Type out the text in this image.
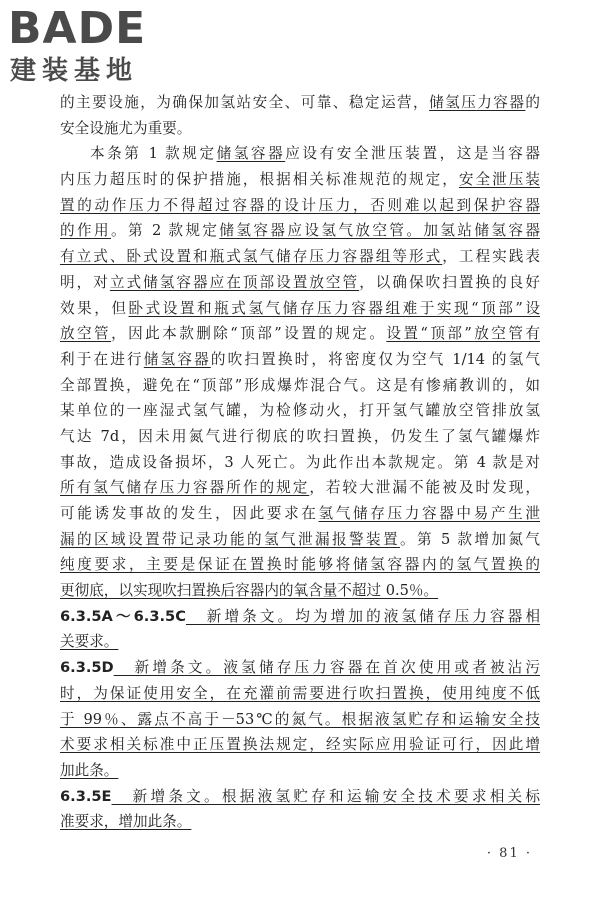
BADE
建装基地
的主要设施，为确保加氢站安全、可靠、稳定运营，储氢压力容器的
安全设施尤为重要。
本条第 1 款规定储氢容器应设有安全泄压装置，这是当容器
内压力超压时的保护措施，根据相关标准规范的规定，安全泄压装
置的动作压力不得超过容器的设计压力，否则难以起到保护容器
的作用。第 2 款规定储氢容器应设氢气放空管。加氢站储氢容器
有立式、卧式设置和瓶式氢气储存压力容器组等形式，工程实践表
明，对立式储氢容器应在顶部设置放空管，以确保吹扫置换的良好
效果，但卧式设置和瓶式氢气储存压力容器组难于实现“顶部”设
放空管，因此本款删除“顶部”设置的规定。设置“顶部”放空管有
利于在进行储氢容器的吹扫置换时，将密度仅为空气 1/14 的氢气
全部置换，避免在“顶部”形成爆炸混合气。这是有惨痛教训的，如
某单位的一座湿式氢气罐，为检修动火，打开氢气罐放空管排放氢
气达 7d，因未用氮气进行彻底的吹扫置换，仍发生了氢气罐爆炸
事故，造成设备损坏，3 人死亡。为此作出本款规定。第 4 款是对
所有氢气储存压力容器所作的规定，若较大泄漏不能被及时发现，
可能诱发事故的发生，因此要求在氢气储存压力容器中易产生泄
漏的区域设置带记录功能的氢气泄漏报警装置。第 5 款增加氮气
纯度要求，主要是保证在置换时能够将储氢容器内的氢气置换的
更彻底，以实现吹扫置换后容器内的氧含量不超过 0.5％。
6.3.5A～6.3.5C　新增条文。均为增加的液氢储存压力容器相
关要求。
6.3.5D　新增条文。液氢储存压力容器在首次使用或者被沾污
时，为保证使用安全，在充灌前需要进行吹扫置换，使用纯度不低
于 99％、露点不高于－53℃的氮气。根据液氢贮存和运输安全技
术要求相关标准中正压置换法规定，经实际应用验证可行，因此增
加此条。
6.3.5E　新增条文。根据液氢贮存和运输安全技术要求相关标
准要求，增加此条。
· 81 ·
